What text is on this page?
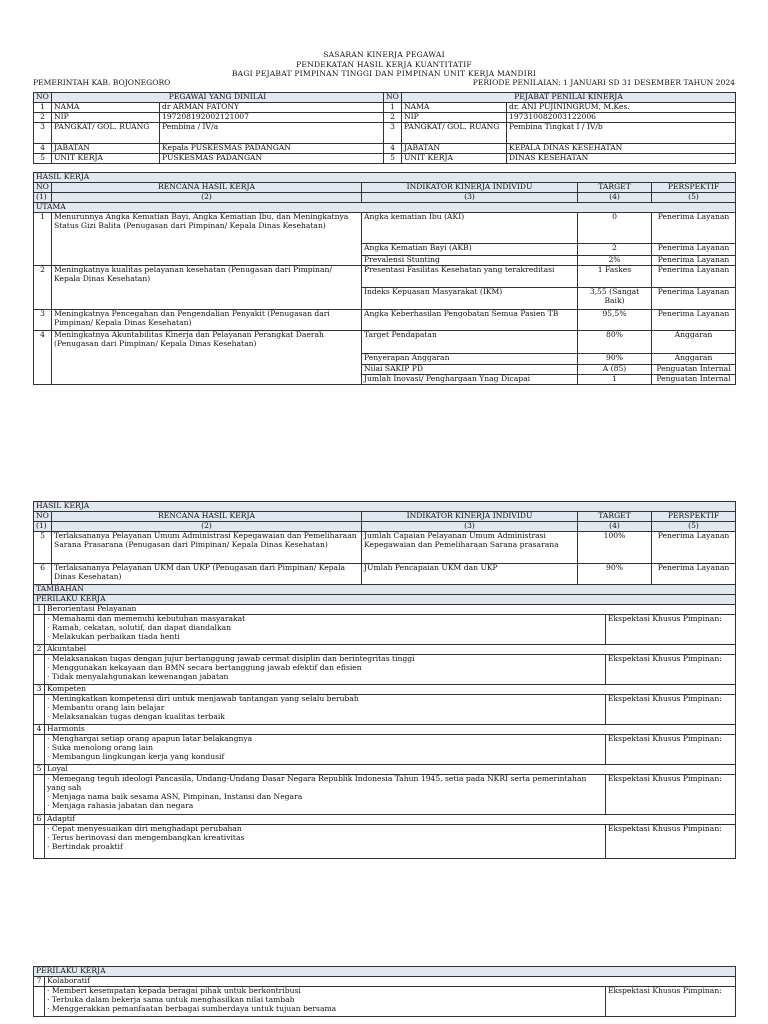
SASARAN KINERJA PEGAWAI
PENDEKATAN HASIL KERJA KUANTITATIF
BAGI PEJABAT PIMPINAN TINGGI DAN PIMPINAN UNIT KERJA MANDIRI
PEMERINTAH KAB. BOJONEGORO	PERIODE PENILAIAN: 1 JANUARI SD 31 DESEMBER TAHUN 2024
NO	PEGAWAI YANG DINILAI		NO	PEJABAT PENILAI KINERJA	
1	NAMA	dr ARMAN FATONY	1	NAMA	dr. ANI PUJININGRUM, M.Kes.
2	NIP	197208192002121007	2	NIP	197310082003122006
3	PANGKAT/ GOL. RUANG	Pembina / IV/a	3	PANGKAT/ GOL. RUANG	Pembina Tingkat I / IV/b
4	JABATAN	Kepala PUSKESMAS PADANGAN	4	JABATAN	KEPALA DINAS KESEHATAN
5	UNIT KERJA	PUSKESMAS PADANGAN	5	UNIT KERJA	DINAS KESEHATAN
HASIL KERJA				
NO	RENCANA HASIL KERJA	INDIKATOR KINERJA INDIVIDU	TARGET	PERSPEKTIF
(1)	(2)	(3)	(4)	(5)
UTAMA				
1	Menurunnya Angka Kematian Bayi, Angka Kematian Ibu, dan Meningkatnya Status Gizi Balita (Penugasan dari Pimpinan/ Kepala Dinas Kesehatan)	Angka kematian Ibu (AKI)	0	Penerima Layanan
		Angka Kematian Bayi (AKB)	2	Penerima Layanan
		Prevalensi Stunting	2%	Penerima Layanan
2	Meningkatnya kualitas pelayanan kesehatan (Penugasan dari Pimpinan/ Kepala Dinas Kesehatan)	Presentasi Fasilitas Kesehatan yang terakreditasi	1 Faskes	Penerima Layanan
		Indeks Kepuasan Masyarakat (IKM)	3,55 (Sangat Baik)	Penerima Layanan
3	Meningkatnya Pencegahan dan Pengendalian Penyakit (Penugasan dari Pimpinan/ Kepala Dinas Kesehatan)	Angka Keberhasilan Pengobatan Semua Pasien TB	95,5%	Penerima Layanan
4	Meningkatnya Akuntabilitas Kinerja dan Pelayanan Perangkat Daerah (Penugasan dari Pimpinan/ Kepala Dinas Kesehatan)	Target Pendapatan	80%	Anggaran
		Penyerapan Anggaran	90%	Anggaran
		Nilai SAKIP PD	A (85)	Penguatan Internal
		Jumlah Inovasi/ Penghargaan Ynag Dicapai	1	Penguatan Internal
HASIL KERJA						
NO		RENCANA HASIL KERJA	INDIKATOR KINERJA INDIVIDU	TARGET		PERSPEKTIF
(1)		(2)	(3)	(4)		(5)
5		Terlaksananya Pelayanan Umum Administrasi Kepegawaian dan Pemeliharaan Sarana Prasarana (Penugasan dari Pimpinan/ Kepala Dinas Kesehatan)	Jumlah Capaian Pelayanan Umum Administrasi Kepegawaian dan Pemeliharaan Sarana prasarana	100%		Penerima Layanan
6		Terlaksananya Pelayanan UKM dan UKP (Penugasan dari Pimpinan/ Kepala Dinas Kesehatan)	JUmlah Pencapaian UKM dan UKP	90%		Penerima Layanan
TAMBAHAN						
PERILAKU KERJA						
1	Berorientasi Pelayanan					

	· Memahami dan memenuhi kebutuhan masyarakat
· Ramah, cekatan, solutif, dan dapat diandalkan
· Melakukan perbaikan tiada henti				Ekspektasi Khusus Pimpinan:	
2	Akuntabel					

	· Melaksanakan tugas dengan jujur bertanggung jawab cermat disiplin dan berintegritas tinggi
· Menggunakan kekayaan dan BMN secara bertanggung jawab efektif dan efisien
· Tidak menyalahgunakan kewenangan jabatan				Ekspektasi Khusus Pimpinan:	
3	Kompeten					

	· Meningkatkan kompetensi diri untuk menjawab tantangan yang selalu berubah
· Membantu orang lain belajar
· Melaksanakan tugas dengan kualitas terbaik				Ekspektasi Khusus Pimpinan:	
4	Harmonis					

	· Menghargai setiap orang apapun latar belakangnya
· Suka menolong orang lain
· Membangun lingkungan kerja yang kondusif				Ekspektasi Khusus Pimpinan:	
5	Loyal					

	· Memegang teguh ideologi Pancasila, Undang-Undang Dasar Negara Republik Indonesia Tahun 1945, setia pada NKRI serta pemerintahan yang sah
· Menjaga nama baik sesama ASN, Pimpinan, Instansi dan Negara
· Menjaga rahasia jabatan dan negara				Ekspektasi Khusus Pimpinan:	
6	Adaptif					

	· Cepat menyesuaikan diri menghadapi perubahan
· Terus berinovasi dan mengembangkan kreativitas
· Bertindak proaktif				Ekspektasi Khusus Pimpinan:	
PERILAKU KERJA		
7	Kolaboratif	

	· Memberi kesempatan kepada beragai pihak untuk berkontribusi
· Terbuka dalam bekerja sama untuk menghasilkan nilai tambah
· Menggerakkan pemanfaatan berbagai sumberdaya untuk tujuan bersama	Ekspektasi Khusus Pimpinan:
